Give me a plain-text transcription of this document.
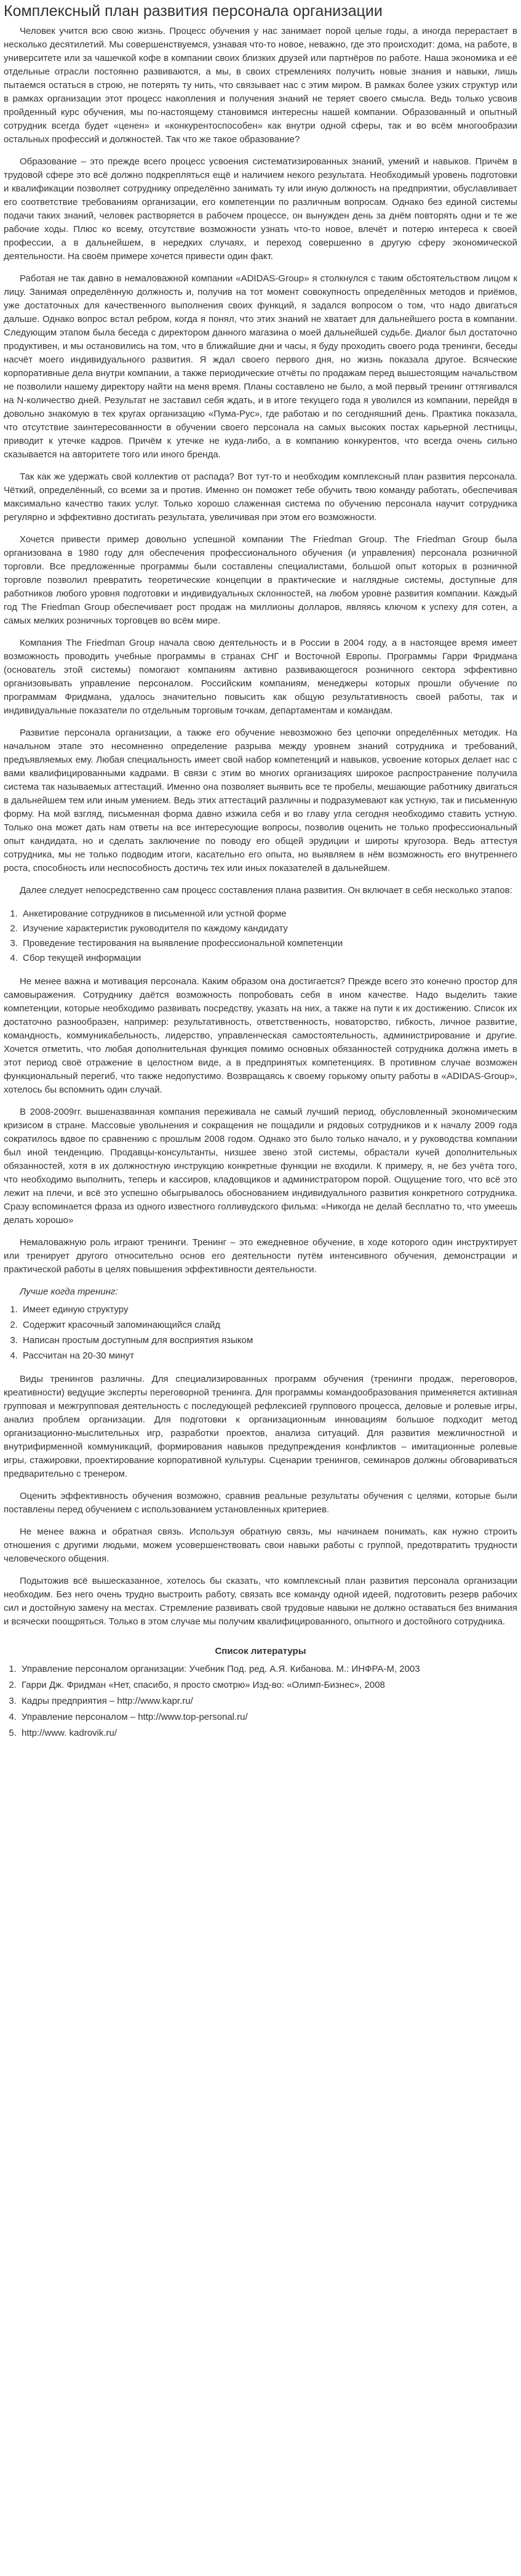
Комплексный план развития персонала организации

Человек учится всю свою жизнь. Процесс обучения у нас занимает порой целые годы, а иногда перерастает в несколько десятилетий. Мы совершенствуемся, узнавая что-то новое, неважно, где это происходит: дома, на работе, в университете или за чашечкой кофе в компании своих близких друзей или партнёров по работе. Наша экономика и её отдельные отрасли постоянно развиваются, а мы, в своих стремлениях получить новые знания и навыки, лишь пытаемся остаться в строю, не потерять ту нить, что связывает нас с этим миром. В рамках более узких структур или в рамках организации этот процесс накопления и получения знаний не теряет своего смысла. Ведь только усвоив пройденный курс обучения, мы по-настоящему становимся интересны нашей компании. Образованный и опытный сотрудник всегда будет «ценен» и «конкурентоспособен» как внутри одной сферы, так и во всём многообразии остальных профессий и должностей. Так что же такое образование?

Образование – это прежде всего процесс усвоения систематизированных знаний, умений и навыков. Причём в трудовой сфере это всё должно подкрепляться ещё и наличием некого результата. Необходимый уровень подготовки и квалификации позволяет сотруднику определённо занимать ту или иную должность на предприятии, обуславливает его соответствие требованиям организации, его компетенции по различным вопросам. Однако без единой системы подачи таких знаний, человек растворяется в рабочем процессе, он вынужден день за днём повторять одни и те же рабочие ходы. Плюс ко всему, отсутствие возможности узнать что-то новое, влечёт и потерю интереса к своей профессии, а в дальнейшем, в нередких случаях, и переход совершенно в другую сферу экономической деятельности. На своём примере хочется привести один факт.

Работая не так давно в немаловажной компании «ADIDAS-Group» я столкнулся с таким обстоятельством лицом к лицу. Занимая определённую должность и, получив на тот момент совокупность определённых методов и приёмов, уже достаточных для качественного выполнения своих функций, я задался вопросом о том, что надо двигаться дальше. Однако вопрос встал ребром, когда я понял, что этих знаний не хватает для дальнейшего роста в компании. Следующим этапом была беседа с директором данного магазина о моей дальнейшей судьбе. Диалог был достаточно продуктивен, и мы остановились на том, что в ближайшие дни и часы, я буду проходить своего рода тренинги, беседы насчёт моего индивидуального развития. Я ждал своего первого дня, но жизнь показала другое. Всяческие корпоративные дела внутри компании, а также периодические отчёты по продажам перед вышестоящим начальством не позволили нашему директору найти на меня время. Планы составлено не было, а мой первый тренинг оттягивался на N-количество дней. Результат не заставил себя ждать, и в итоге текущего года я уволился из компании, перейдя в довольно знакомую в тех кругах организацию «Пума-Рус», где работаю и по сегодняшний день. Практика показала, что отсутствие заинтересованности в обучении своего персонала на самых высоких постах карьерной лестницы, приводит к утечке кадров. Причём к утечке не кудa-либо, а в компанию конкурентов, что всегда очень сильно сказывается на авторитете того или иного бренда.

Так как же удержать свой коллектив от распада? Вот тут-то и необходим комплексный план развития персонала. Чёткий, определённый, со всеми за и против. Именно он поможет тебе обучить твою команду работать, обеспечивая максимально качество таких услуг. Только хорошо слаженная система по обучению персонала научит сотрудника регулярно и эффективно достигать результата, увеличивая при этом его возможности.

Хочется привести пример довольно успешной компании The Friedman Group. The Friedman Group была организована в 1980 году для обеспечения профессионального обучения (и управления) персонала розничной торговли. Все предложенные программы были составлены специалистами, большой опыт которых в розничной торговле позволил превратить теоретические концепции в практические и наглядные системы, доступные для работников любого уровня подготовки и индивидуальных склонностей, на любом уровне развития компании. Каждый год The Friedman Group обеспечивает рост продаж на миллионы долларов, являясь ключом к успеху для сотен, а самых мелких розничных торговцев во всём мире.

Компания The Friedman Group начала свою деятельность и в России в 2004 году, а в настоящее время имеет возможность проводить учебные программы в странах СНГ и Восточной Европы. Программы Гарри Фридмана (основатель этой системы) помогают компаниям активно развивающегося розничного сектора эффективно организовывать управление персоналом. Российским компаниям, менеджеры которых прошли обучение по программам Фридмана, удалось значительно повысить как общую результативность своей работы, так и индивидуальные показатели по отдельным торговым точкам, департаментам и командам.

Развитие персонала организации, а также его обучение невозможно без цепочки определённых методик. На начальном этапе это несомненно определение разрыва между уровнем знаний сотрудника и требований, предъявляемых ему. Любая специальность имеет свой набор компетенций и навыков, усвоение которых делает нас с вами квалифицированными кадрами. В связи с этим во многих организациях широкое распространение получила система так называемых аттестаций. Именно она позволяет выявить все те пробелы, мешающие работнику двигаться в дальнейшем тем или иным умением. Ведь этих аттестаций различны и подразумевают как устную, так и письменную форму. На мой взгляд, письменная форма давно изжила себя и во главу угла сегодня необходимо ставить устную. Только она может дать нам ответы на все интересующие вопросы, позволив оценить не только профессиональный опыт кандидата, но и сделать заключение по поводу его общей эрудиции и широты кругозора. Ведь аттестуя сотрудника, мы не только подводим итоги, касательно его опыта, но выявляем в нём возможность его внутреннего роста, способность или неспособность достичь тех или иных показателей в дальнейшем.

Далее следует непосредственно сам процесс составления плана развития. Он включает в себя несколько этапов:

1. Анкетирование сотрудников в письменной или устной форме
2. Изучение характеристик руководителя по каждому кандидату
3. Проведение тестирования на выявление профессиональной компетенции
4. Сбор текущей информации

Не менее важна и мотивация персонала. Каким образом она достигается? Прежде всего это конечно простор для самовыражения. Сотруднику даётся возможность попробовать себя в ином качестве. Надо выделить такие компетенции, которые необходимо развивать посредству, указать на них, а также на пути к их достижению. Список их достаточно разнообразен, например: результативность, ответственность, новаторство, гибкость, личное развитие, командность, коммуникабельность, лидерство, управленческая самостоятельность, администрирование и другие. Хочется отметить, что любая дополнительная функция помимо основных обязанностей сотрудника должна иметь в этот период своё отражение в целостном виде, а в предпринятых компетенциях. В противном случае возможен функциональный перегиб, что также недопустимо. Возвращаясь к своему горькому опыту работы в «ADIDAS-Group», хотелось бы вспомнить один случай.

В 2008-2009гг. вышеназванная компания переживала не самый лучший период, обусловленный экономическим кризисом в стране. Массовые увольнения и сокращения не пощадили и рядовых сотрудников и к началу 2009 года сократилось вдвое по сравнению с прошлым 2008 годом. Однако это было только начало, и у руководства компании был иной тенденцию. Продавцы-консультанты, низшее звено этой системы, обрастали кучей дополнительных обязанностей, хотя в их должностную инструкцию конкретные функции не входили. К примеру, я, не без учёта того, что необходимо выполнить, теперь и кассиров, кладовщиков и администратором порой. Ощущение того, что всё это лежит на плечи, и всё это успешно обыгрывалось обоснованием индивидуального развития конкретного сотрудника. Сразу вспоминается фраза из одного известного голливудского фильма: «Никогда не делай бесплатно то, что умеешь делать хорошо»

Немаловажную роль играют тренинги. Тренинг – это ежедневное обучение, в ходе которого один инструктирует или тренирует другого относительно основ его деятельности путём интенсивного обучения, демонстрации и практической работы в целях повышения эффективности деятельности.

Лучше когда тренинг:
1. Имеет единую структуру
2. Содержит красочный запоминающийся слайд
3. Написан простым доступным для восприятия языком
4. Рассчитан на 20-30 минут

Виды тренингов различны. Для специализированных программ обучения (тренинги продаж, переговоров, креативности) ведущие эксперты переговорной тренинга. Для программы командообразования применяется активная групповая и межгрупповая деятельность с последующей рефлексией группового процесса, деловые и ролевые игры, анализ проблем организации. Для подготовки к организационным инновациям большое подходит метод организационно-мыслительных игр, разработки проектов, анализа ситуаций. Для развития межличностной и внутрифирменной коммуникаций, формирования навыков предупреждения конфликтов – имитационные ролевые игры, стажировки, проектирование корпоративной культуры. Сценарии тренингов, семинаров должны обговариваться предварительно с тренером.

Оценить эффективность обучения возможно, сравнив реальные результаты обучения с целями, которые были поставлены перед обучением с использованием установленных критериев.

Не менее важна и обратная связь. Используя обратную связь, мы начинаем понимать, как нужно строить отношения с другими людьми, можем усовершенствовать свои навыки работы с группой, предотвратить трудности человеческого общения.

Подытожив всё вышесказанное, хотелось бы сказать, что комплексный план развития персонала организации необходим. Без него очень трудно выстроить работу, связать все команду одной идеей, подготовить резерв рабочих сил и достойную замену на местах. Стремление развивать свой трудовые навыки не должно оставаться без внимания и всячески поощряться. Только в этом случае мы получим квалифицированного, опытного и достойного сотрудника.

Список литературы
1. Управление персоналом организации: Учебник Под. ред. А.Я. Кибанова. М.: ИНФРА-М, 2003
2. Гарри Дж. Фридман «Нет, спасибо, я просто смотрю» Изд-во: «Олимп-Бизнес», 2008
3. Кадры предприятия – http://www.kapr.ru/
4. Управление персоналом – http://www.top-personal.ru/
5. http://www. kadrovik.ru/
